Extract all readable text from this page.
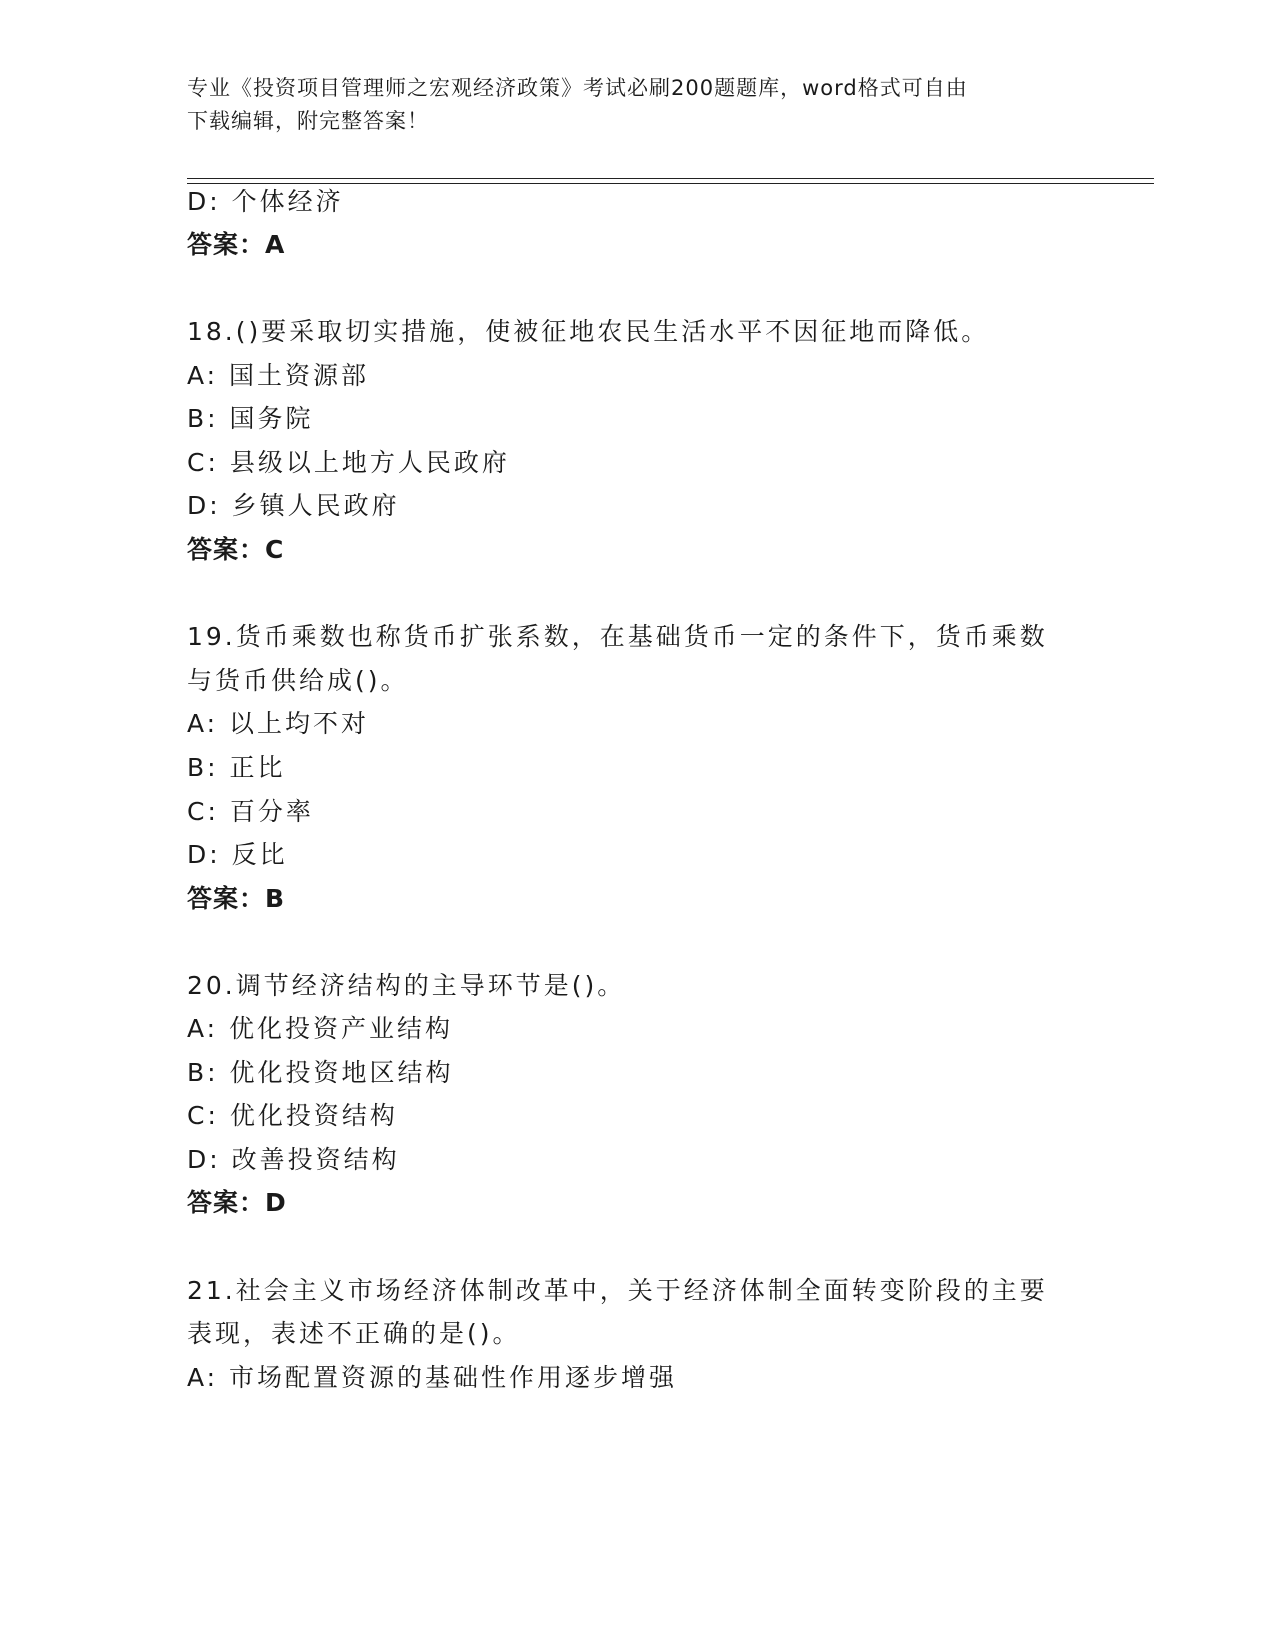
专业《投资项目管理师之宏观经济政策》考试必刷200题题库，word格式可自由
下载编辑，附完整答案！
D: 个体经济
答案：A
18.()要采取切实措施，使被征地农民生活水平不因征地而降低。
A: 国土资源部
B: 国务院
C: 县级以上地方人民政府
D: 乡镇人民政府
答案：C
19.货币乘数也称货币扩张系数，在基础货币一定的条件下，货币乘数
与货币供给成()。
A: 以上均不对
B: 正比
C: 百分率
D: 反比
答案：B
20.调节经济结构的主导环节是()。
A: 优化投资产业结构
B: 优化投资地区结构
C: 优化投资结构
D: 改善投资结构
答案：D
21.社会主义市场经济体制改革中，关于经济体制全面转变阶段的主要
表现，表述不正确的是()。
A: 市场配置资源的基础性作用逐步增强
